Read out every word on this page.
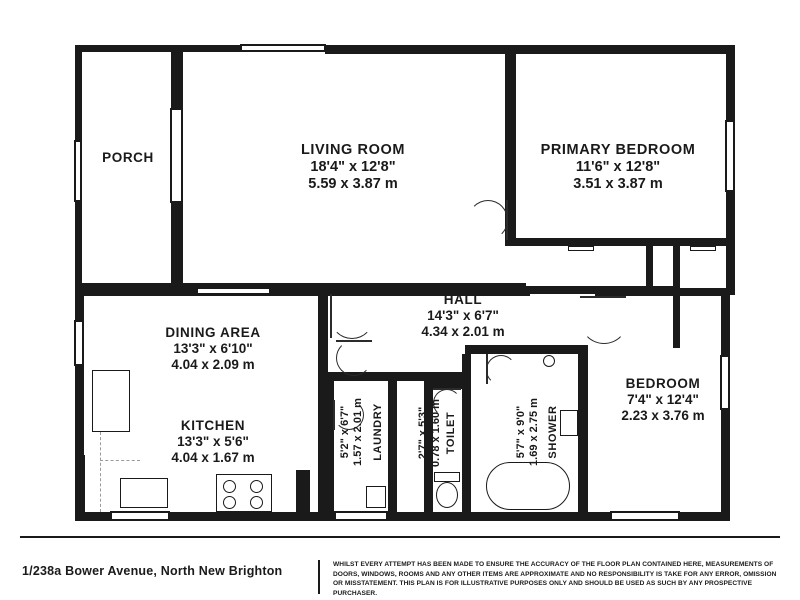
PORCH	LIVING ROOM
18'4" x 12'8"
5.59 x 3.87 m
PRIMARY BEDROOM
11'6" x 12'8"
3.51 x 3.87 m
HALL
14'3" x 6'7"
4.34 x 2.01 m
DINING AREA
13'3" x 6'10"
4.04 x 2.09 m
KITCHEN
13'3" x 5'6"
4.04 x 1.67 m
BEDROOM
7'4" x 12'4"
2.23 x 3.76 m
LAUNDRY
5'2" x 6'7" 1.57 x 2.01 m	TOILET
2'7" x 5'3" 0.78 x 1.60 m	SHOWER
5'7" x 9'0" 1.69 x 2.75 m
1/238a Bower Avenue, North New Brighton	WHILST EVERY ATTEMPT HAS BEEN MADE TO ENSURE THE ACCURACY OF THE FLOOR PLAN CONTAINED HERE, MEASUREMENTS OF DOORS, WINDOWS, ROOMS AND ANY OTHER ITEMS ARE APPROXIMATE AND NO RESPONSIBILITY IS TAKE FOR ANY ERROR, OMISSION OR MISSTATEMENT. THIS PLAN IS FOR ILLUSTRATIVE PURPOSES ONLY AND SHOULD BE USED AS SUCH BY ANY PROSPECTIVE PURCHASER.
